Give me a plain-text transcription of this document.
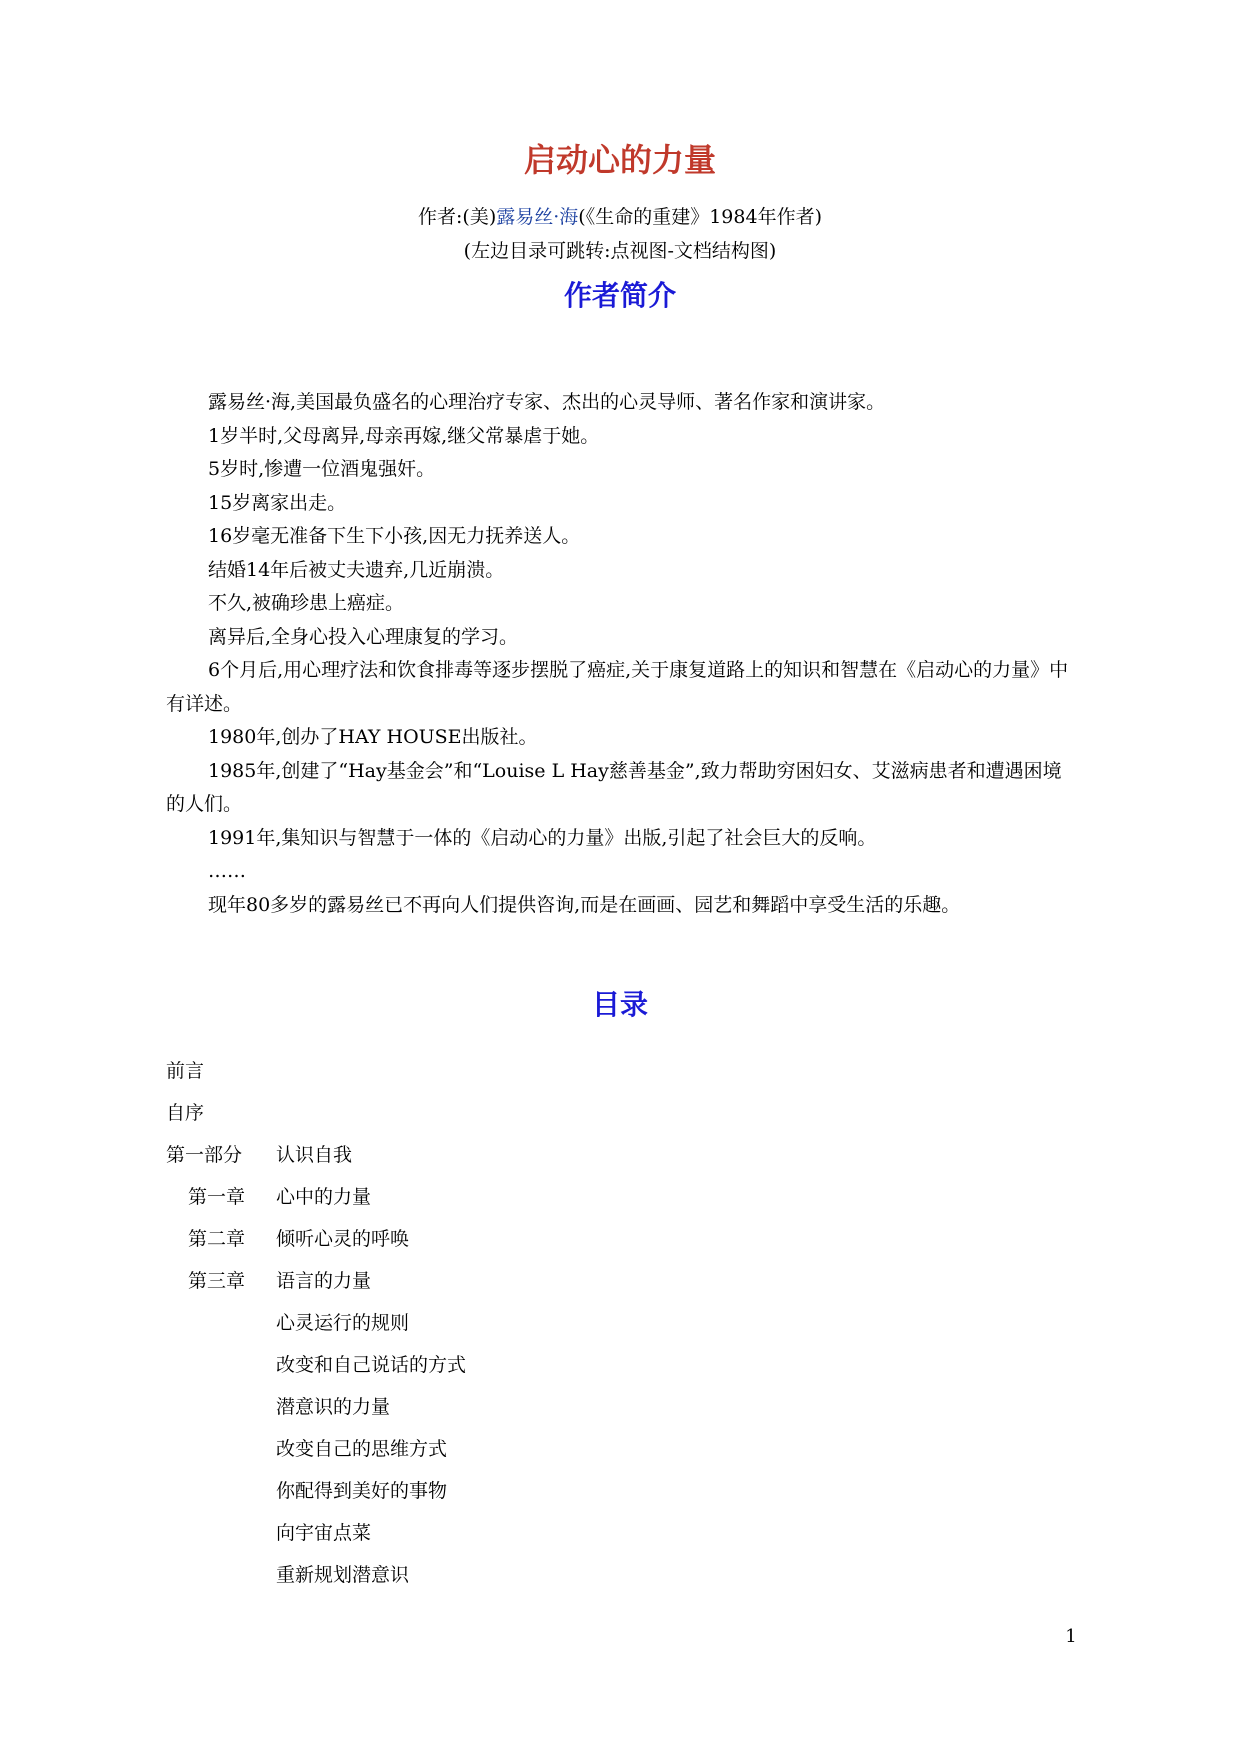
启动心的力量
作者:(美)露易丝·海(《生命的重建》1984年作者)
(左边目录可跳转:点视图-文档结构图)
作者简介

露易丝·海,美国最负盛名的心理治疗专家、杰出的心灵导师、著名作家和演讲家。

1岁半时,父母离异,母亲再嫁,继父常暴虐于她。

5岁时,惨遭一位酒鬼强奸。

15岁离家出走。

16岁毫无准备下生下小孩,因无力抚养送人。

结婚14年后被丈夫遗弃,几近崩溃。

不久,被确珍患上癌症。

离异后,全身心投入心理康复的学习。

6个月后,用心理疗法和饮食排毒等逐步摆脱了癌症,关于康复道路上的知识和智慧在《启动心的力量》中有详述。

1980年,创办了HAY HOUSE出版社。

1985年,创建了“Hay基金会”和“Louise L Hay慈善基金”,致力帮助穷困妇女、艾滋病患者和遭遇困境的人们。

1991年,集知识与智慧于一体的《启动心的力量》出版,引起了社会巨大的反响。

……

现年80多岁的露易丝已不再向人们提供咨询,而是在画画、园艺和舞蹈中享受生活的乐趣。

目录
前言
自序
第一部分 认识自我
第一章 心中的力量
第二章 倾听心灵的呼唤
第三章 语言的力量
心灵运行的规则
改变和自己说话的方式
潜意识的力量
改变自己的思维方式
你配得到美好的事物
向宇宙点菜
重新规划潜意识
1
